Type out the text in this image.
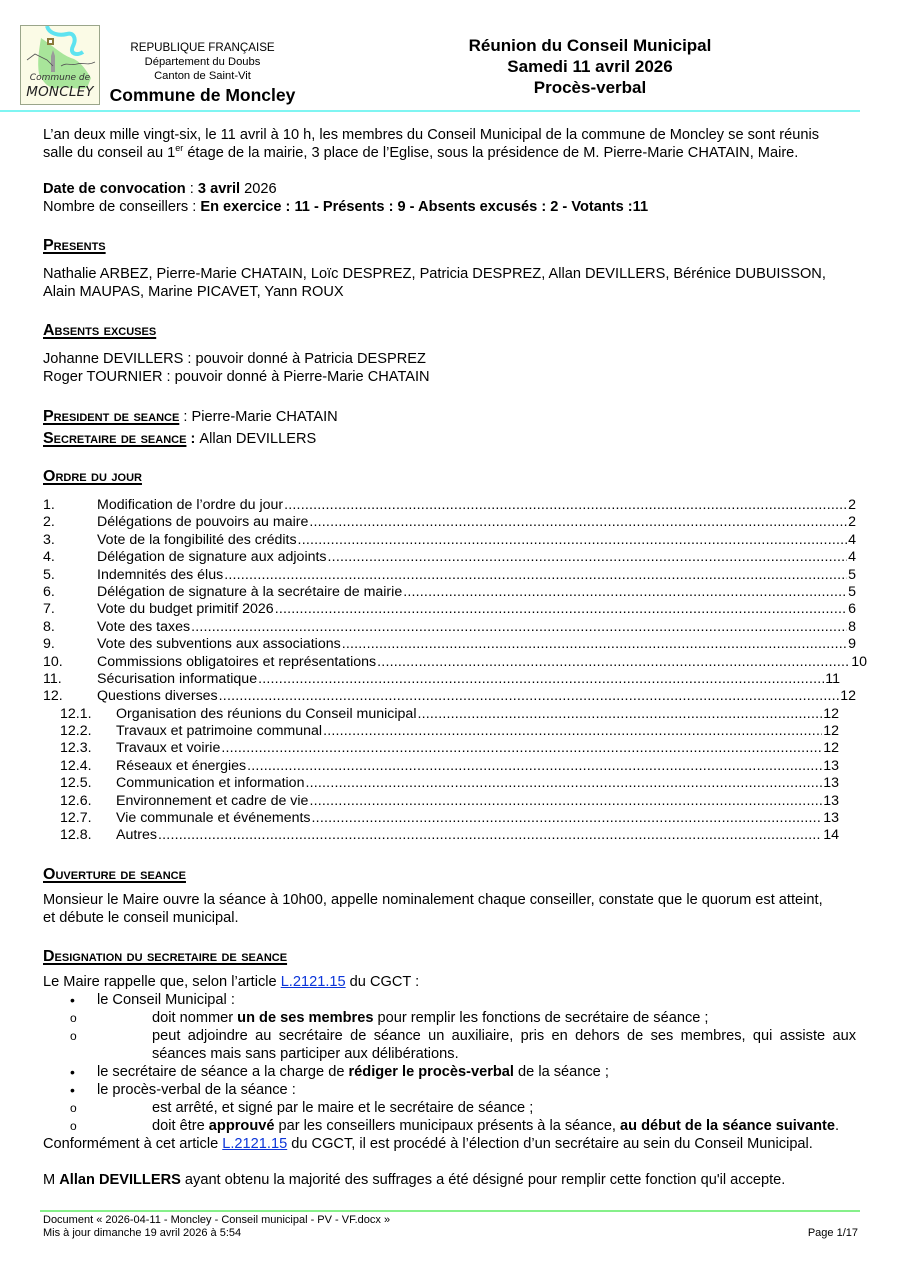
Commune de
MONCLEY
REPUBLIQUE FRANÇAISE
Département du Doubs
Canton de Saint-Vit
Commune de Moncley
Réunion du Conseil Municipal
Samedi 11 avril 2026
Procès-verbal

L’an deux mille vingt-six, le 11 avril à 10 h, les membres du Conseil Municipal de la commune de Moncley se sont réunis
salle du conseil au 1er étage de la mairie, 3 place de l’Eglise, sous la présidence de M. Pierre-Marie CHATAIN, Maire.

Date de convocation : 3 avril 2026

Nombre de conseillers : En exercice : 11 - Présents : 9 - Absents excusés : 2 - Votants :11

Presents

Nathalie ARBEZ, Pierre-Marie CHATAIN, Loïc DESPREZ, Patricia DESPREZ, Allan DEVILLERS, Bérénice DUBUISSON,
Alain MAUPAS, Marine PICAVET, Yann ROUX

Absents excuses

Johanne DEVILLERS : pouvoir donné à Patricia DESPREZ

Roger TOURNIER : pouvoir donné à Pierre-Marie CHATAIN

President de seance : Pierre-Marie CHATAIN

Secretaire de seance : Allan DEVILLERS

Ordre du jour
1.	Modification de l’ordre du jour .....	2
2.	Délégations de pouvoirs au maire .....	2
3.	Vote de la fongibilité des crédits .....	4
4.	Délégation de signature aux adjoints .....	4
5.	Indemnités des élus .....	5
6.	Délégation de signature à la secrétaire de mairie .....	5
7.	Vote du budget primitif 2026 .....	6
8.	Vote des taxes .....	8
9.	Vote des subventions aux associations .....	9
10.	Commissions obligatoires et représentations .....	10
11.	Sécurisation informatique .....	11
12.	Questions diverses .....	12
12.1.	Organisation des réunions du Conseil municipal .....	12
12.2.	Travaux et patrimoine communal .....	12
12.3.	Travaux et voirie .....	12
12.4.	Réseaux et énergies .....	13
12.5.	Communication et information .....	13
12.6.	Environnement et cadre de vie .....	13
12.7.	Vie communale et événements .....	13
12.8.	Autres .....	14
Ouverture de seance

Monsieur le Maire ouvre la séance à 10h00, appelle nominalement chaque conseiller, constate que le quorum est atteint,
et débute le conseil municipal.

Designation du secretaire de seance

Le Maire rappelle que, selon l’article L.2121.15 du CGCT :

• le Conseil Municipal :
o doit nommer un de ses membres pour remplir les fonctions de secrétaire de séance ;
o peut adjoindre au secrétaire de séance un auxiliaire, pris en dehors de ses membres, qui assiste aux séances mais sans participer aux délibérations.
• le secrétaire de séance a la charge de rédiger le procès-verbal de la séance ;
• le procès-verbal de la séance :
o est arrêté, et signé par le maire et le secrétaire de séance ;
o doit être approuvé par les conseillers municipaux présents à la séance, au début de la séance suivante.

Conformément à cet article L.2121.15 du CGCT, il est procédé à l’élection d’un secrétaire au sein du Conseil Municipal.

M Allan DEVILLERS ayant obtenu la majorité des suffrages a été désigné pour remplir cette fonction qu'il accepte.

Document « 2026-04-11 - Moncley - Conseil municipal - PV - VF.docx »
Mis à jour dimanche 19 avril 2026 à 5:54	Page 1/17
